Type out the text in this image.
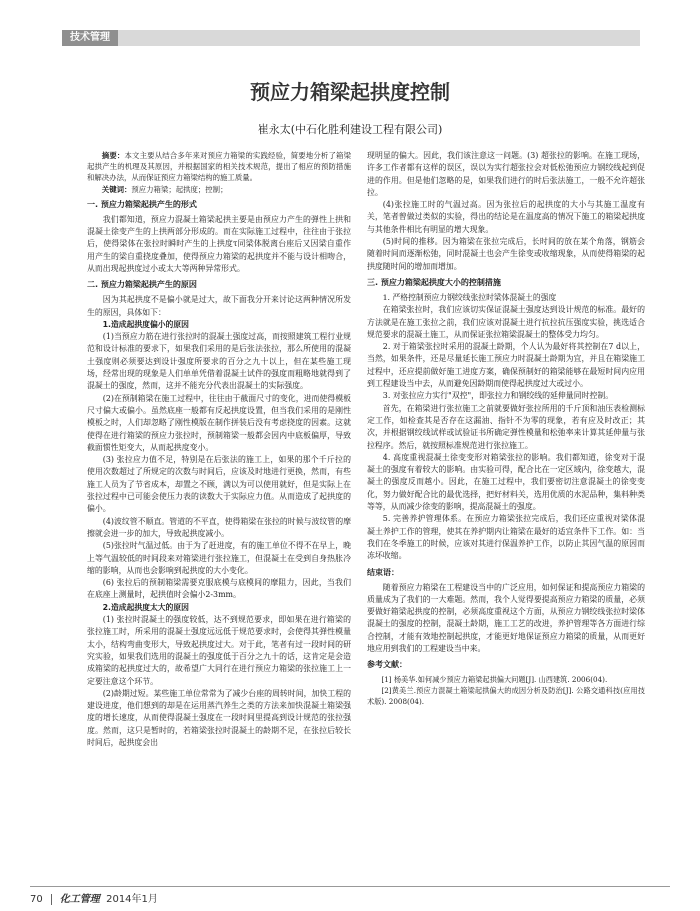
技术管理
预应力箱梁起拱度控制
崔永太(中石化胜利建设工程有限公司)

摘要：本文主要从结合多年来对预应力箱梁的实践经验，简要地分析了箱梁起拱产生的机理及其原因，并根据国家的相关技术规范，提出了相应的预防措施和解决办法，从而保证预应力箱梁结构的施工质量。

关键词：预应力箱梁；起拱度；控制；

一. 预应力箱梁起拱产生的形式

我们都知道，预应力混凝土箱梁起拱主要是由预应力产生的弹性上拱和混凝土徐变产生的上拱两部分形成的。而在实际施工过程中，往往由于张拉后，使得梁体在张拉时瞬时产生的上拱度τ同梁体脱离台座后又因梁自重作用产生的梁自重挠度叠加，使得预应力箱梁的起拱度并不能与设计相吻合，从而出现起拱度过小或太大等两种异常形式。

二. 预应力箱梁起拱产生的原因

因为其起拱度不是偏小就是过大，故下面我分开来讨论这两种情况所发生的原因，具体如下：

1.造成起拱度偏小的原因

(1)当预应力筋在进行张拉时的混凝土强度过高，而按照建筑工程行业规范和设计标准的要求下，如果我们采用的是后张法张拉，那么所使用的混凝土强度则必须要达到设计强度所要求的百分之九十以上，但在某些施工现场，经常出现的现象是人们单单凭借着混凝土试件的强度而粗略地就得到了混凝土的强度，然而，这并不能充分代表出混凝土的实际强度。

(2)在预制箱梁在施工过程中，往往由于截面尺寸的变化，进而使得模板尺寸偏大或偏小。虽然底座一般都有反起拱度设置，但当我们采用的是刚性模板之时，人们却忽略了刚性模版在制作拼装后没有考虑挠度的因素。这就使得在进行箱梁的预应力张拉时，预制箱梁一般都会因内中底板偏厚，导致截面惯性矩变大，从而起拱度变小。

(3) 张拉应力值不足，特别是在后张法的施工上，如果的那个千斤拉的使用次数超过了所规定的次数与时间后，应该及时地进行更换，然而，有些施工人员为了节省成本，却置之不顾，满以为可以使用就好，但是实际上在张拉过程中已可能会使压力表的读数大于实际应力值。从而造成了起拱度的偏小。

(4)波纹管不顺直。管道的不平直，使得箱梁在张拉的时候与波纹管的摩擦就会进一步的加大，导致起拱度减小。

(5)张拉时气温过低。由于为了赶进度，有的施工单位不得不在早上，晚上等气温较低的时间段来对箱梁进行张拉施工，但混凝土在受到自身热胀冷缩的影响，从而也会影响到起拱度的大小变化。

(6) 张拉后的预制箱梁需要克服底模与底模间的摩阻力，因此，当我们在底座上测量时，起拱值时会偏小2-3mm。

2.造成起拱度太大的原因

(1) 张拉时混凝土的强度较低，达不到规范要求，即如果在进行箱梁的张拉施工时，所采用的混凝土强度远远低于规范要求时，会使得其弹性模量太小，结构弯曲变形大，导致起拱度过大。对于此，笔者有过一段时间的研究实验，如果我们选用的混凝土的强度低于百分之九十的话，这肯定是会造成箱梁的起拱度过大的，故希望广大同行在进行预应力箱梁的张拉施工上一定要注意这个环节。

(2)龄期过短。某些施工单位常常为了减少台座的周转时间，加快工程的建设进度，他们想到的却是在运用蒸汽养生之类的方法来加快混凝土箱梁强度的增长速度，从而使得混凝土强度在一段时间里提高到设计规范的张拉强度。然而，这只是暂时的，若箱梁张拉时混凝土的龄期不足，在张拉后较长时间后，起拱度会出

现明显的偏大。因此，我们该注意这一问题。(3) 超张拉的影响。在施工现场，许多工作者都有这样的误区，误以为实行超张拉会对低松弛预应力钢绞线起到促进的作用。但是他们忽略的是，如果我们进行的时后张法施工，一般不允许超张拉。

(4)张拉施工时的气温过高。因为张拉后的起拱度的大小与其施工温度有关，笔者曾做过类似的实验，得出的结论是在温度高的情况下施工的箱梁起拱度与其他条件相比有明显的增大现象。

(5)时间的推移。因为箱梁在张拉完成后，长时间的放在某个角落，钢筋会随着时间而逐渐松弛，同时混凝土也会产生徐变或收缩现象，从而使得箱梁的起拱度随时间的增加而增加。

三. 预应力箱梁起拱度大小的控制措施
1. 严格控制预应力钢绞线张拉时梁体混凝土的强度

在箱梁张拉时，我们应该切实保证混凝土强度达到设计规范的标准。最好的方法就是在施工张拉之前，我们应该对混凝土进行抗拉抗压强度实验，挑选适合规范要求的混凝土施工，从而保证张拉箱梁混凝土的整体受力均匀。

2. 对于箱梁张拉时采用的混凝土龄期，个人认为最好将其控制在7 d以上，当然，如果条件，还是尽量延长施工预应力时混凝土龄期为宜，并且在箱梁施工过程中，还应提前做好施工进度方案，确保预制好的箱梁能够在最短时间内应用到工程建设当中去，从而避免因龄期而使得起拱度过大或过小。

3. 对张拉应力实行"双控"，即张拉力和钢绞线的延伸量同时控制。

首先，在箱梁进行张拉施工之前就要做好张拉所用的千斤顶和油压表检测标定工作，如检查其是否存在这漏油、指针不为零的现象，若有应及时改正；其次，并根据钢绞线试样或试验证书所确定弹性模量和松弛率来计算其延伸量与张拉程序。然后，就按照标准规范进行张拉施工。

4. 高度重视混凝土徐变变形对箱梁张拉的影响。我们都知道，徐变对于混凝土的强度有着较大的影响。由实验可得，配合比在一定区域内，徐变越大，混凝土的强度反而越小。因此，在施工过程中，我们要密切注意混凝土的徐变变化，努力做好配合比的最优选择，把好材料关，选用优质的水泥品种，集料种类等等，从而减少徐变的影响，提高混凝土的强度。

5. 完善养护管理体系。在预应力箱梁张拉完成后，我们还应重视对梁体混凝土养护工作的管理，使其在养护期内让箱梁在最好的适宜条件下工作。如：当我们在冬季施工的时候，应该对其进行保温养护工作，以防止其因气温的原因而冻坏收缩。

结束语：

随着预应力箱梁在工程建设当中的广泛应用，如何保证和提高预应力箱梁的质量成为了我们的一大难题。然而，我个人觉得要提高预应力箱梁的质量，必须要做好箱梁起拱度的控制，必须高度重视这个方面，从预应力钢绞线张拉时梁体混凝土的强度的控制，混凝土龄期，施工工艺的改进，养护管理等各方面进行综合控制，才能有效地控制起拱度，才能更好地保证预应力箱梁的质量，从而更好地应用到我们的工程建设当中来。

参考文献：

[1] 杨美华.如何减少预应力箱梁起拱偏大问题[J]. 山西建筑. 2006(04).

[2]黄美兰.预应力混凝土箱梁起拱偏大的成因分析及防治[J]. 公路交通科技(应用技术版). 2008(04).

70 化工管理 2014年1月
